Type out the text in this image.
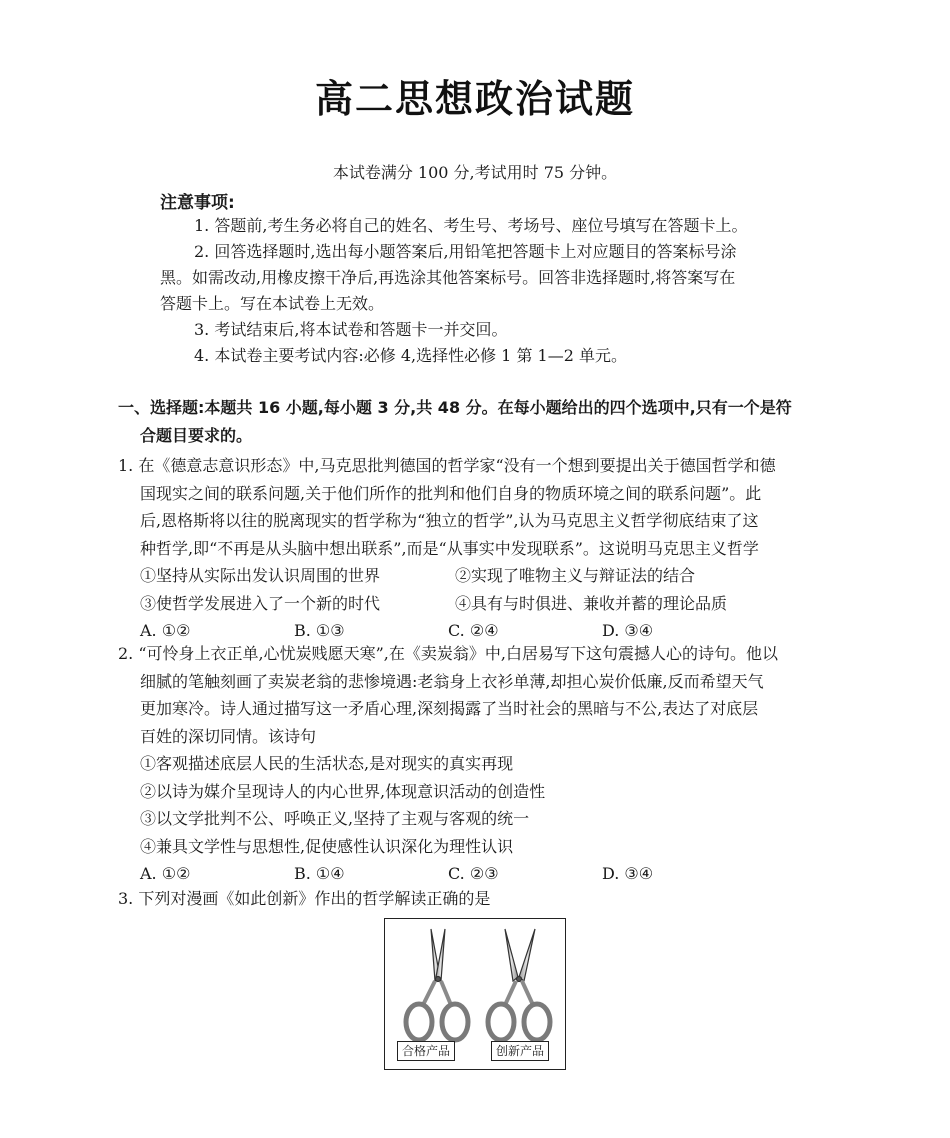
高二思想政治试题
本试卷满分 100 分,考试用时 75 分钟。
注意事项:
1. 答题前,考生务必将自己的姓名、考生号、考场号、座位号填写在答题卡上。
2. 回答选择题时,选出每小题答案后,用铅笔把答题卡上对应题目的答案标号涂
黑。如需改动,用橡皮擦干净后,再选涂其他答案标号。回答非选择题时,将答案写在
答题卡上。写在本试卷上无效。
3. 考试结束后,将本试卷和答题卡一并交回。
4. 本试卷主要考试内容:必修 4,选择性必修 1 第 1—2 单元。
一、选择题:本题共 16 小题,每小题 3 分,共 48 分。在每小题给出的四个选项中,只有一个是符
合题目要求的。
1. 在《德意志意识形态》中,马克思批判德国的哲学家“没有一个想到要提出关于德国哲学和德
国现实之间的联系问题,关于他们所作的批判和他们自身的物质环境之间的联系问题”。此
后,恩格斯将以往的脱离现实的哲学称为“独立的哲学”,认为马克思主义哲学彻底结束了这
种哲学,即“不再是从头脑中想出联系”,而是“从事实中发现联系”。这说明马克思主义哲学
①坚持从实际出发认识周围的世界	②实现了唯物主义与辩证法的结合
③使哲学发展进入了一个新的时代	④具有与时俱进、兼收并蓄的理论品质
A. ①②	B. ①③	C. ②④	D. ③④
2. “可怜身上衣正单,心忧炭贱愿天寒”,在《卖炭翁》中,白居易写下这句震撼人心的诗句。他以
细腻的笔触刻画了卖炭老翁的悲惨境遇:老翁身上衣衫单薄,却担心炭价低廉,反而希望天气
更加寒冷。诗人通过描写这一矛盾心理,深刻揭露了当时社会的黑暗与不公,表达了对底层
百姓的深切同情。该诗句
①客观描述底层人民的生活状态,是对现实的真实再现
②以诗为媒介呈现诗人的内心世界,体现意识活动的创造性
③以文学批判不公、呼唤正义,坚持了主观与客观的统一
④兼具文学性与思想性,促使感性认识深化为理性认识
A. ①②	B. ①④	C. ②③	D. ③④
3. 下列对漫画《如此创新》作出的哲学解读正确的是
合格产品	创新产品
